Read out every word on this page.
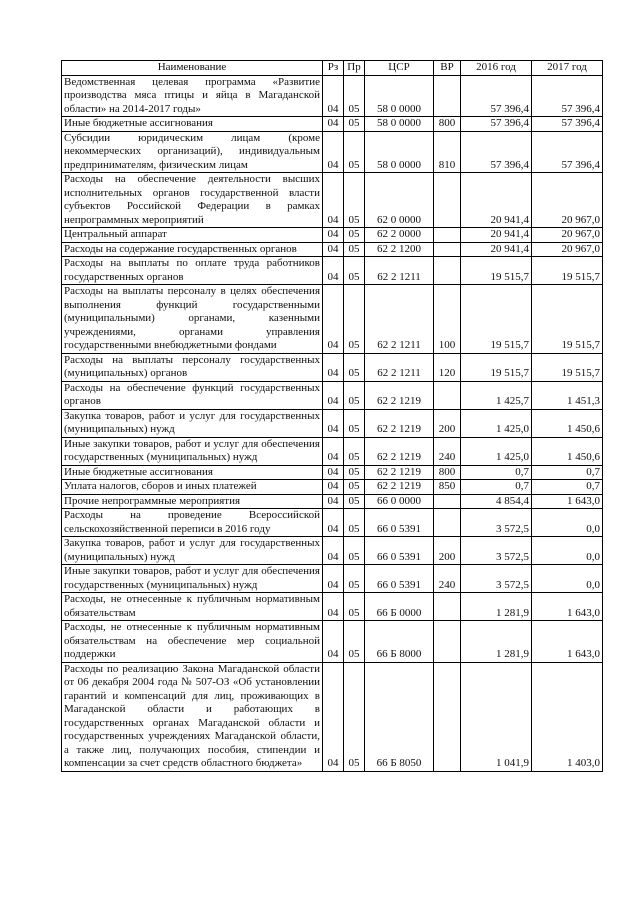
Наименование	Рз	Пр	ЦСР	ВР	2016 год	2017 год
Ведомственная целевая программа «Развитие производства мяса птицы и яйца в Магаданской области» на 2014-2017 годы»	04	05	58 0 0000		57 396,4	57 396,4
Иные бюджетные ассигнования	04	05	58 0 0000	800	57 396,4	57 396,4
Субсидии юридическим лицам (кроме некоммерческих организаций), индивидуальным предпринимателям, физическим лицам	04	05	58 0 0000	810	57 396,4	57 396,4
Расходы на обеспечение деятельности высших исполнительных органов государственной власти субъектов Российской Федерации в рамках непрограммных мероприятий	04	05	62 0 0000		20 941,4	20 967,0
Центральный аппарат	04	05	62 2 0000		20 941,4	20 967,0
Расходы на содержание государственных органов	04	05	62 2 1200		20 941,4	20 967,0
Расходы на выплаты по оплате труда работников государственных органов	04	05	62 2 1211		19 515,7	19 515,7
Расходы на выплаты персоналу в целях обеспечения выполнения функций государственными (муниципальными) органами, казенными учреждениями, органами управления государственными внебюджетными фондами	04	05	62 2 1211	100	19 515,7	19 515,7
Расходы на выплаты персоналу государственных (муниципальных) органов	04	05	62 2 1211	120	19 515,7	19 515,7
Расходы на обеспечение функций государственных органов	04	05	62 2 1219		1 425,7	1 451,3
Закупка товаров, работ и услуг для государственных (муниципальных) нужд	04	05	62 2 1219	200	1 425,0	1 450,6
Иные закупки товаров, работ и услуг для обеспечения государственных (муниципальных) нужд	04	05	62 2 1219	240	1 425,0	1 450,6
Иные бюджетные ассигнования	04	05	62 2 1219	800	0,7	0,7
Уплата налогов, сборов и иных платежей	04	05	62 2 1219	850	0,7	0,7
Прочие непрограммные мероприятия	04	05	66 0 0000		4 854,4	1 643,0
Расходы на проведение Всероссийской сельскохозяйственной переписи в 2016 году	04	05	66 0 5391		3 572,5	0,0
Закупка товаров, работ и услуг для государственных (муниципальных) нужд	04	05	66 0 5391	200	3 572,5	0,0
Иные закупки товаров, работ и услуг для обеспечения государственных (муниципальных) нужд	04	05	66 0 5391	240	3 572,5	0,0
Расходы, не отнесенные к публичным нормативным обязательствам	04	05	66 Б 0000		1 281,9	1 643,0
Расходы, не отнесенные к публичным нормативным обязательствам на обеспечение мер социальной поддержки	04	05	66 Б 8000		1 281,9	1 643,0
Расходы по реализацию Закона Магаданской области от 06 декабря 2004 года № 507-ОЗ «Об установлении гарантий и компенсаций для лиц, проживающих в Магаданской области и работающих в государственных органах Магаданской области и государственных учреждениях Магаданской области, а также лиц, получающих пособия, стипендии и компенсации за счет средств областного бюджета»	04	05	66 Б 8050		1 041,9	1 403,0
